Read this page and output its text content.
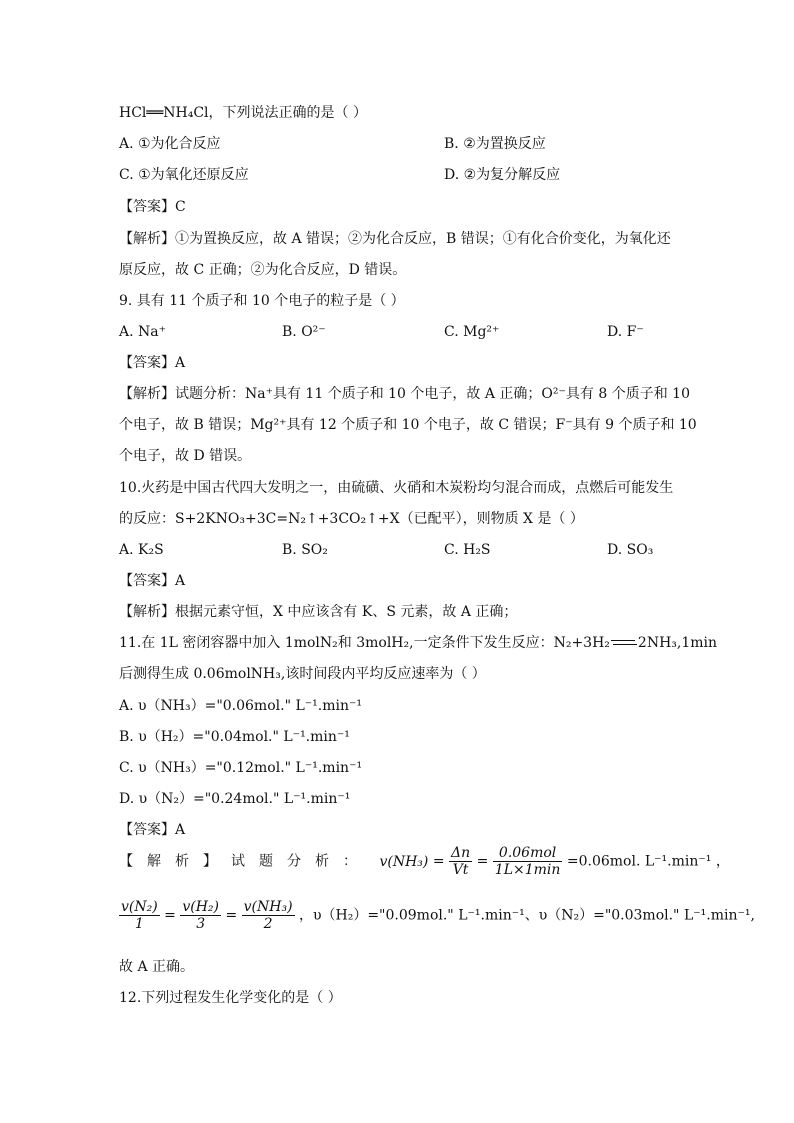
HCl══NH₄Cl，下列说法正确的是（ ）
A. ①为化合反应	B. ②为置换反应
C. ①为氧化还原反应	D. ②为复分解反应
【答案】C
【解析】①为置换反应，故 A 错误；②为化合反应，B 错误；①有化合价变化，为氧化还
原反应，故 C 正确；②为化合反应，D 错误。
9. 具有 11 个质子和 10 个电子的粒子是（ ）
A. Na⁺	B. O²⁻	C. Mg²⁺	D. F⁻
【答案】A
【解析】试题分析：Na⁺具有 11 个质子和 10 个电子，故 A 正确；O²⁻具有 8 个质子和 10
个电子，故 B 错误；Mg²⁺具有 12 个质子和 10 个电子，故 C 错误；F⁻具有 9 个质子和 10
个电子，故 D 错误。
10.火药是中国古代四大发明之一，由硫磺、火硝和木炭粉均匀混合而成，点燃后可能发生
的反应：S+2KNO₃+3C=N₂↑+3CO₂↑+X（已配平），则物质 X 是（ ）
A. K₂S	B. SO₂	C. H₂S	D. SO₃
【答案】A
【解析】根据元素守恒，X 中应该含有 K、S 元素，故 A 正确；
11.在 1L 密闭容器中加入 1molN₂和 3molH₂,一定条件下发生反应：N₂+3H₂ 2NH₃,1min
后测得生成 0.06molNH₃,该时间段内平均反应速率为（ ）
A. υ（NH₃）="0.06mol." L⁻¹.min⁻¹
B. υ（H₂）="0.04mol." L⁻¹.min⁻¹
C. υ（NH₃）="0.12mol." L⁻¹.min⁻¹
D. υ（N₂）="0.24mol." L⁻¹.min⁻¹
【答案】A
【解析】试题分析： $v(NH_3) = \frac{\Delta n}{Vt} = \frac{\text{0.06mol}}{1L\times 1\min} =0.06mol$. L⁻¹.min⁻¹ ，
$\frac{\text{v(N₂)}}{1} = \frac{\text{v(H₂)}}{3} = \frac{\text{v(NH₃)}}{2}$ ，υ（H₂）="0.09mol." L⁻¹.min⁻¹、υ（N₂）="0.03mol." L⁻¹.min⁻¹,
故 A 正确。
12.下列过程发生化学变化的是（ ）
